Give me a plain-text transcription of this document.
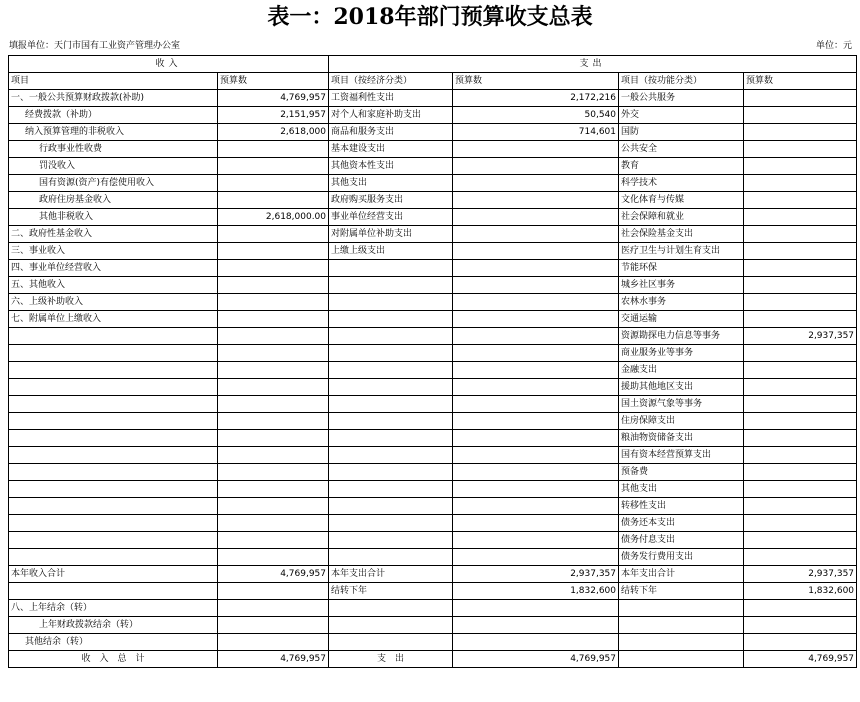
表一：2018年部门预算收支总表
填报单位：天门市国有工业资产管理办公室	单位：元
收入		支出			
项目	预算数	项目（按经济分类）	预算数	项目（按功能分类）	预算数
一、一般公共预算财政拨款(补助)	4,769,957	工资福利性支出	2,172,216	一般公共服务	
经费拨款（补助）	2,151,957	对个人和家庭补助支出	50,540	外交	
纳入预算管理的非税收入	2,618,000	商品和服务支出	714,601	国防	
行政事业性收费		基本建设支出		公共安全	
罚没收入		其他资本性支出		教育	
国有资源(资产)有偿使用收入		其他支出		科学技术	
政府住房基金收入		政府购买服务支出		文化体育与传媒	
其他非税收入	2,618,000.00	事业单位经营支出		社会保障和就业	
二、政府性基金收入		对附属单位补助支出		社会保险基金支出	
三、事业收入		上缴上级支出		医疗卫生与计划生育支出	
四、事业单位经营收入				节能环保	
五、其他收入				城乡社区事务	
六、上级补助收入				农林水事务	
七、附属单位上缴收入				交通运输	
				资源勘探电力信息等事务	2,937,357
				商业服务业等事务	
				金融支出	
				援助其他地区支出	
				国土资源气象等事务	
				住房保障支出	
				粮油物资储备支出	
				国有资本经营预算支出	
				预备费	
				其他支出	
				转移性支出	
				债务还本支出	
				债务付息支出	
				债务发行费用支出	
本年收入合计	4,769,957	本年支出合计	2,937,357	本年支出合计	2,937,357
		结转下年	1,832,600	结转下年	1,832,600
八、上年结余（转）					
上年财政拨款结余（转）					
其他结余（转）					
收　入　总　计	4,769,957	支　出	4,769,957		4,769,957
